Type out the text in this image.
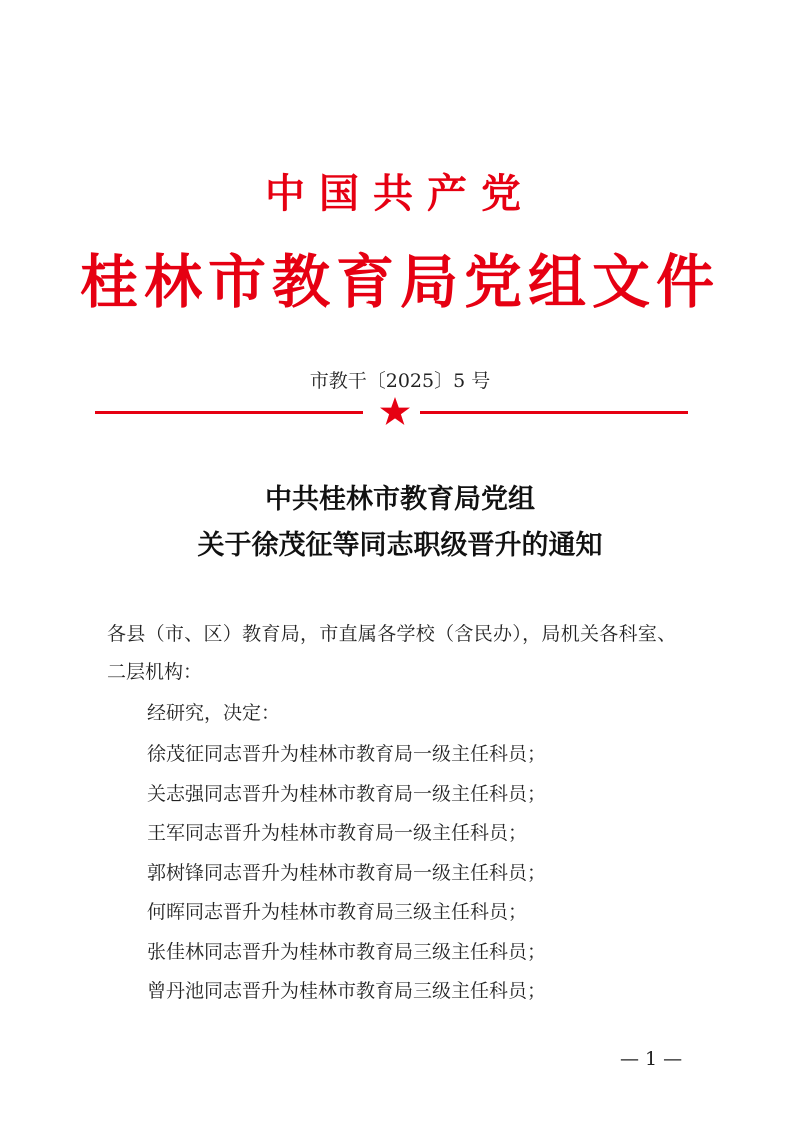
中国共产党
桂林市教育局党组文件
市教干〔2025〕5 号
中共桂林市教育局党组
关于徐茂征等同志职级晋升的通知
各县（市、区）教育局，市直属各学校（含民办），局机关各科室、
二层机构：
经研究，决定：
徐茂征同志晋升为桂林市教育局一级主任科员；
关志强同志晋升为桂林市教育局一级主任科员；
王军同志晋升为桂林市教育局一级主任科员；
郭树锋同志晋升为桂林市教育局一级主任科员；
何晖同志晋升为桂林市教育局三级主任科员；
张佳林同志晋升为桂林市教育局三级主任科员；
曾丹池同志晋升为桂林市教育局三级主任科员；
— 1 —
